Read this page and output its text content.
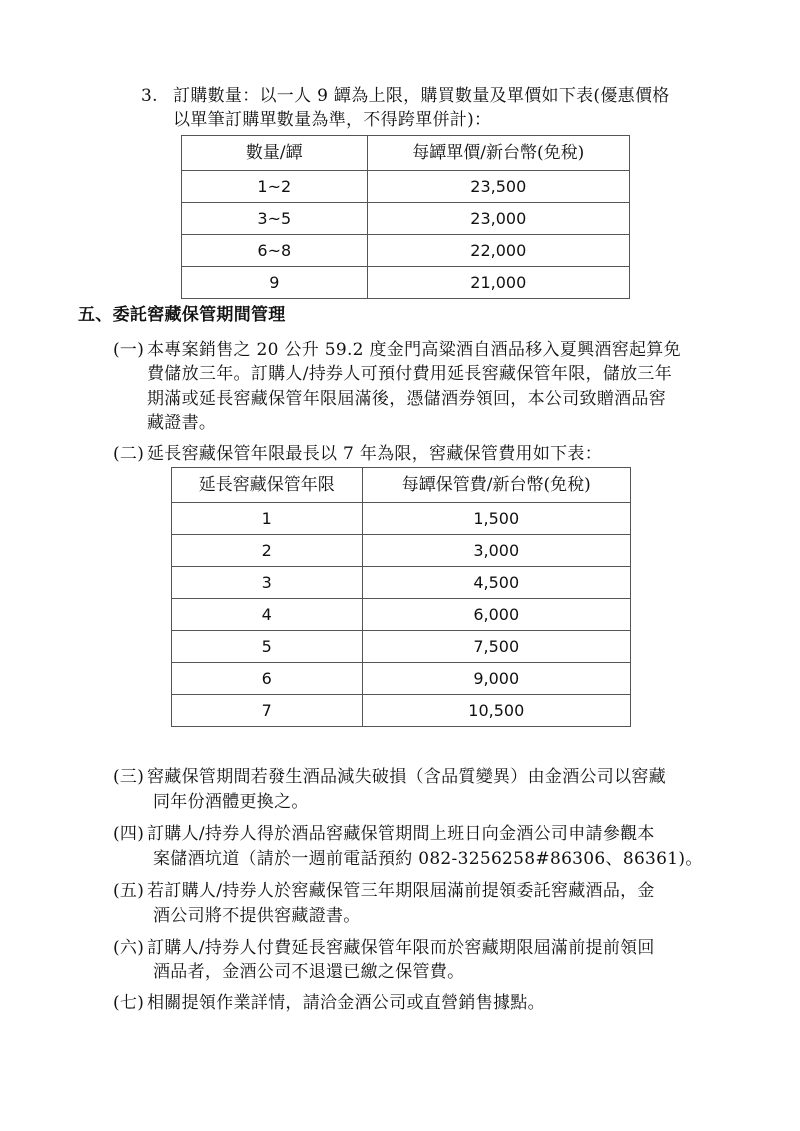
3. 訂購數量：以一人 9 罈為上限，購買數量及單價如下表(優惠價格
以單筆訂購單數量為準，不得跨單併計)：
數量/罈	每罈單價/新台幣(免稅)
1~2	23,500
3~5	23,000
6~8	22,000
9	21,000
五、委託窖藏保管期間管理
(一) 本專案銷售之 20 公升 59.2 度金門高粱酒自酒品移入夏興酒窖起算免
費儲放三年。訂購人/持券人可預付費用延長窖藏保管年限，儲放三年
期滿或延長窖藏保管年限屆滿後，憑儲酒券領回，本公司致贈酒品窖
藏證書。
(二) 延長窖藏保管年限最長以 7 年為限，窖藏保管費用如下表：
延長窖藏保管年限	每罈保管費/新台幣(免稅)
1	1,500
2	3,000
3	4,500
4	6,000
5	7,500
6	9,000
7	10,500
(三) 窖藏保管期間若發生酒品減失破損（含品質變異）由金酒公司以窖藏
同年份酒體更換之。
(四) 訂購人/持券人得於酒品窖藏保管期間上班日向金酒公司申請參觀本
案儲酒坑道（請於一週前電話預約 082-3256258#86306、86361)。
(五) 若訂購人/持券人於窖藏保管三年期限屆滿前提領委託窖藏酒品，金
酒公司將不提供窖藏證書。
(六) 訂購人/持券人付費延長窖藏保管年限而於窖藏期限屆滿前提前領回
酒品者，金酒公司不退還已繳之保管費。
(七) 相關提領作業詳情，請洽金酒公司或直營銷售據點。
